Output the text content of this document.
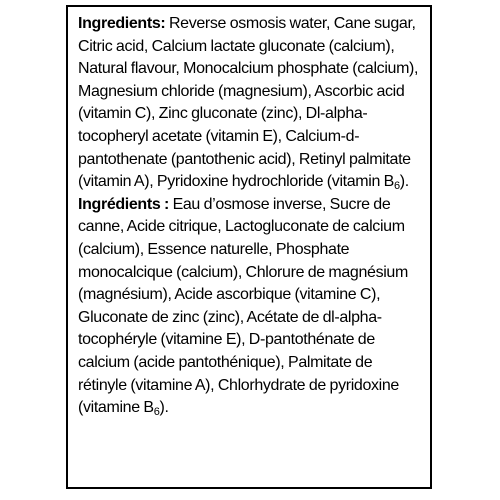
Ingredients: Reverse osmosis water, Cane sugar, Citric acid, Calcium lactate gluconate (calcium), Natural flavour, Monocalcium phosphate (calcium), Magnesium chloride (magnesium), Ascorbic acid (vitamin C), Zinc gluconate (zinc), Dl-alpha-tocopheryl acetate (vitamin E), Calcium-d-pantothenate (pantothenic acid), Retinyl palmitate (vitamin A), Pyridoxine hydrochloride (vitamin $B_6$).

Ingrédients : Eau d’osmose inverse, Sucre de canne, Acide citrique, Lactogluconate de calcium (calcium), Essence naturelle, Phosphate monocalcique (calcium), Chlorure de magnésium (magnésium), Acide ascorbique (vitamine C), Gluconate de zinc (zinc), Acétate de dl-alpha-tocophéryle (vitamine E), D-pantothénate de calcium (acide pantothénique), Palmitate de rétinyle (vitamine A), Chlorhydrate de pyridoxine (vitamine $B_6$).
